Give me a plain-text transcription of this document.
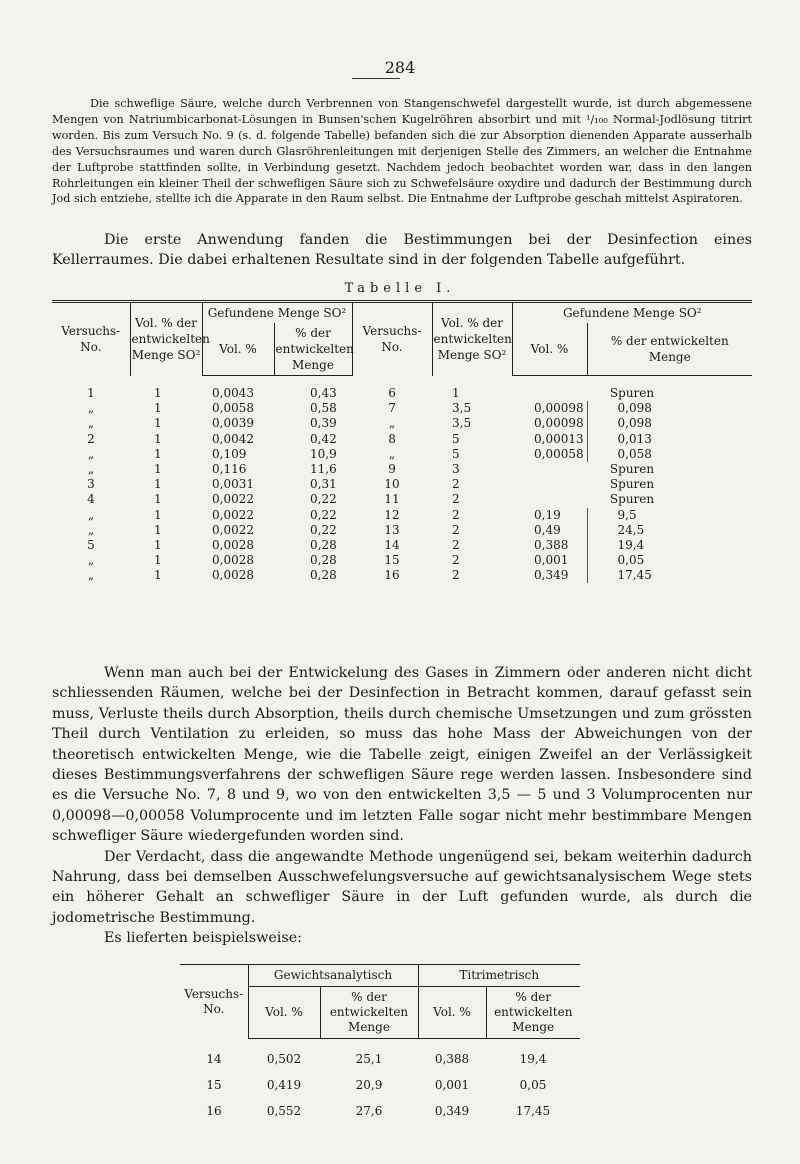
284

Die schweflige Säure, welche durch Verbrennen von Stangenschwefel dargestellt wurde, ist durch abgemessene Mengen von Natriumbicarbonat-Lösungen in Bunsen'schen Kugelröhren absorbirt und mit ¹/₁₀₀ Normal-Jodlösung titrirt worden. Bis zum Versuch No. 9 (s. d. folgende Tabelle) befanden sich die zur Absorption dienenden Apparate ausserhalb des Versuchsraumes und waren durch Glasröhrenleitungen mit derjenigen Stelle des Zimmers, an welcher die Entnahme der Luftprobe stattfinden sollte, in Verbindung gesetzt. Nachdem jedoch beobachtet worden war, dass in den langen Rohrleitungen ein kleiner Theil der schwefligen Säure sich zu Schwefelsäure oxydire und dadurch der Bestimmung durch Jod sich entziehe, stellte ich die Apparate in den Raum selbst. Die Entnahme der Luftprobe geschah mittelst Aspiratoren.

Die erste Anwendung fanden die Bestimmungen bei der Desinfection eines Kellerraumes. Die dabei erhaltenen Resultate sind in der folgenden Tabelle aufgeführt.

Tabelle I.
Versuchs- No.	Vol. % der entwickelten Menge SO²	Gefundene Menge SO²		Versuchs- No.	Vol. % der entwickelten Menge SO²	Gefundene Menge SO²	
		Vol. %	% der entwickelten Menge			Vol. %	% der entwickelten Menge
1	1	0,0043	0,43	6	1	Spuren	
„	1	0,0058	0,58	7	3,5	0,00098	0,098
„	1	0,0039	0,39	„	3,5	0,00098	0,098
2	1	0,0042	0,42	8	5	0,00013	0,013
„	1	0,109	10,9	„	5	0,00058	0,058
„	1	0,116	11,6	9	3	Spuren	
3	1	0,0031	0,31	10	2	Spuren	
4	1	0,0022	0,22	11	2	Spuren	
„	1	0,0022	0,22	12	2	0,19	9,5
„	1	0,0022	0,22	13	2	0,49	24,5
5	1	0,0028	0,28	14	2	0,388	19,4
„	1	0,0028	0,28	15	2	0,001	0,05
„	1	0,0028	0,28	16	2	0,349	17,45

Wenn man auch bei der Entwickelung des Gases in Zimmern oder anderen nicht dicht schliessenden Räumen, welche bei der Desinfection in Betracht kommen, darauf gefasst sein muss, Verluste theils durch Absorption, theils durch chemische Umsetzungen und zum grössten Theil durch Ventilation zu erleiden, so muss das hohe Mass der Abweichungen von der theoretisch entwickelten Menge, wie die Tabelle zeigt, einigen Zweifel an der Verlässigkeit dieses Bestimmungsverfahrens der schwefligen Säure rege werden lassen. Insbesondere sind es die Versuche No. 7, 8 und 9, wo von den entwickelten 3,5 — 5 und 3 Volumprocenten nur 0,00098—0,00058 Volumprocente und im letzten Falle sogar nicht mehr bestimmbare Mengen schwefliger Säure wiedergefunden worden sind.

Der Verdacht, dass die angewandte Methode ungenügend sei, bekam weiterhin dadurch Nahrung, dass bei demselben Ausschwefelungsversuche auf gewichtsanalysischem Wege stets ein höherer Gehalt an schwefliger Säure in der Luft gefunden wurde, als durch die jodometrische Bestimmung.

Es lieferten beispielsweise:

Versuchs- No.	Gewichtsanalytisch		Titrimetrisch	
	Vol. %	% der entwickelten Menge	Vol. %	% der entwickelten Menge
14	0,502	25,1	0,388	19,4
15	0,419	20,9	0,001	0,05
16	0,552	27,6	0,349	17,45
